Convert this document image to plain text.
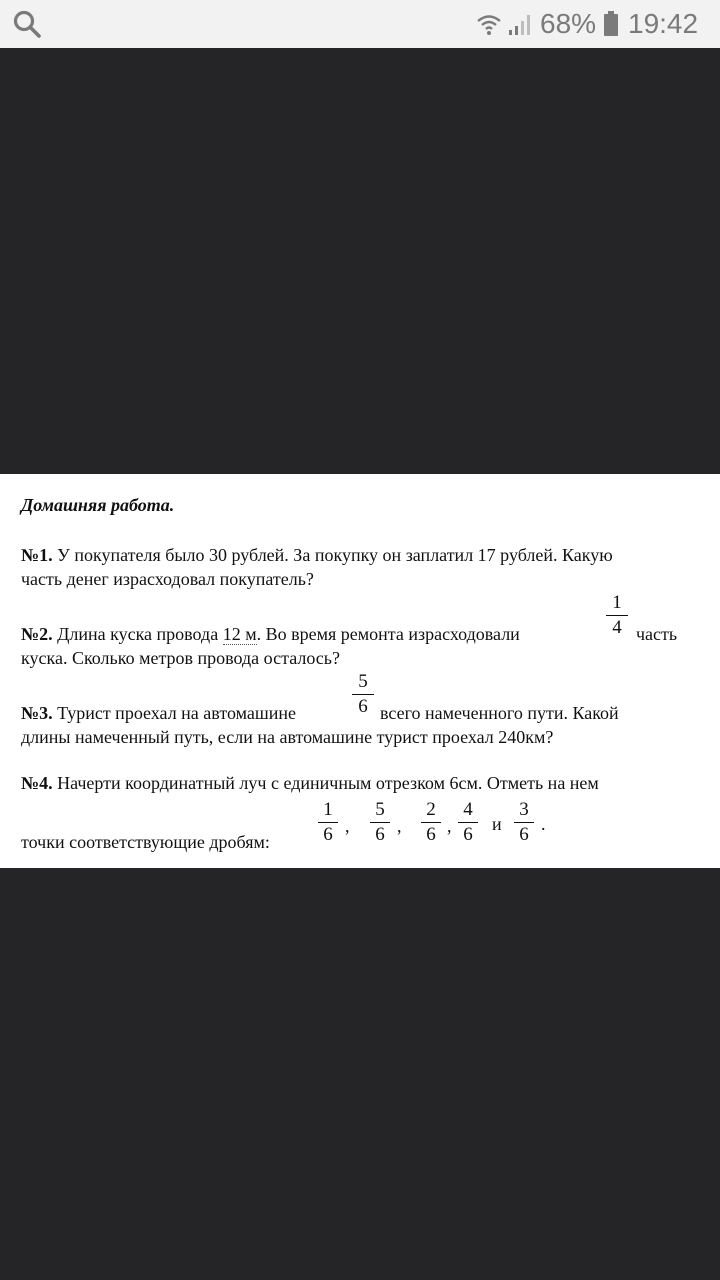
68% 19:42
Домашняя работа.
№1. У покупателя было 30 рублей. За покупку он заплатил 17 рублей. Какую
часть денег израсходовал покупатель?
№2. Длина куска провода 12 м. Во время ремонта израсходовали
1
4 часть
куска. Сколько метров провода осталось?
№3. Турист проехал на автомашине
5
6 всего намеченного пути. Какой
длины намеченный путь, если на автомашине турист проехал 240км?
№4. Начерти координатный луч с единичным отрезком 6см. Отметь на нем
точки соответствующие дробям:
1
6 ,
5
6 ,
2
6 ,
4
6 и
3
6 .
